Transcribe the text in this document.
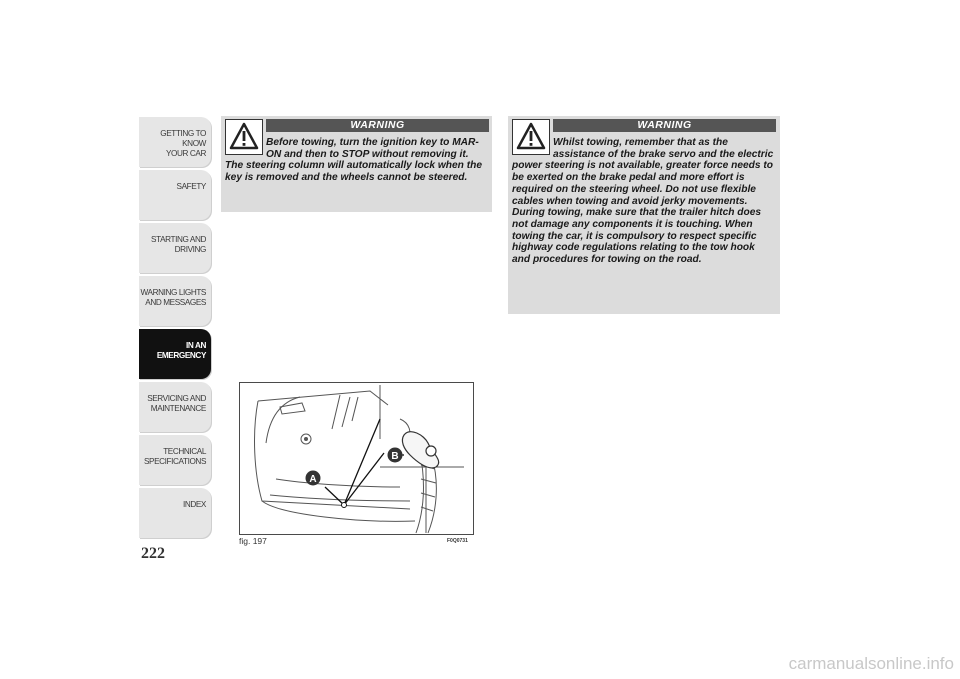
GETTING TO KNOW
YOUR CAR
SAFETY
STARTING AND
DRIVING
WARNING LIGHTS
AND MESSAGES
IN AN
EMERGENCY
SERVICING AND
MAINTENANCE
TECHNICAL
SPECIFICATIONS
INDEX
222
WARNING
Before towing, turn the ignition key to MAR-ON and then to STOP without removing it. The steering column will automatically lock when the key is removed and the wheels cannot be steered.
WARNING
Whilst towing, remember that as the assistance of the brake servo and the electric power steering is not available, greater force needs to be exerted on the brake pedal and more effort is required on the steering wheel. Do not use flexible cables when towing and avoid jerky movements. During towing, make sure that the trailer hitch does not damage any components it is touching. When towing the car, it is compulsory to respect specific highway code regulations relating to the tow hook and procedures for towing on the road.
A
B
fig. 197	F0Q0731
carmanualsonline.info
